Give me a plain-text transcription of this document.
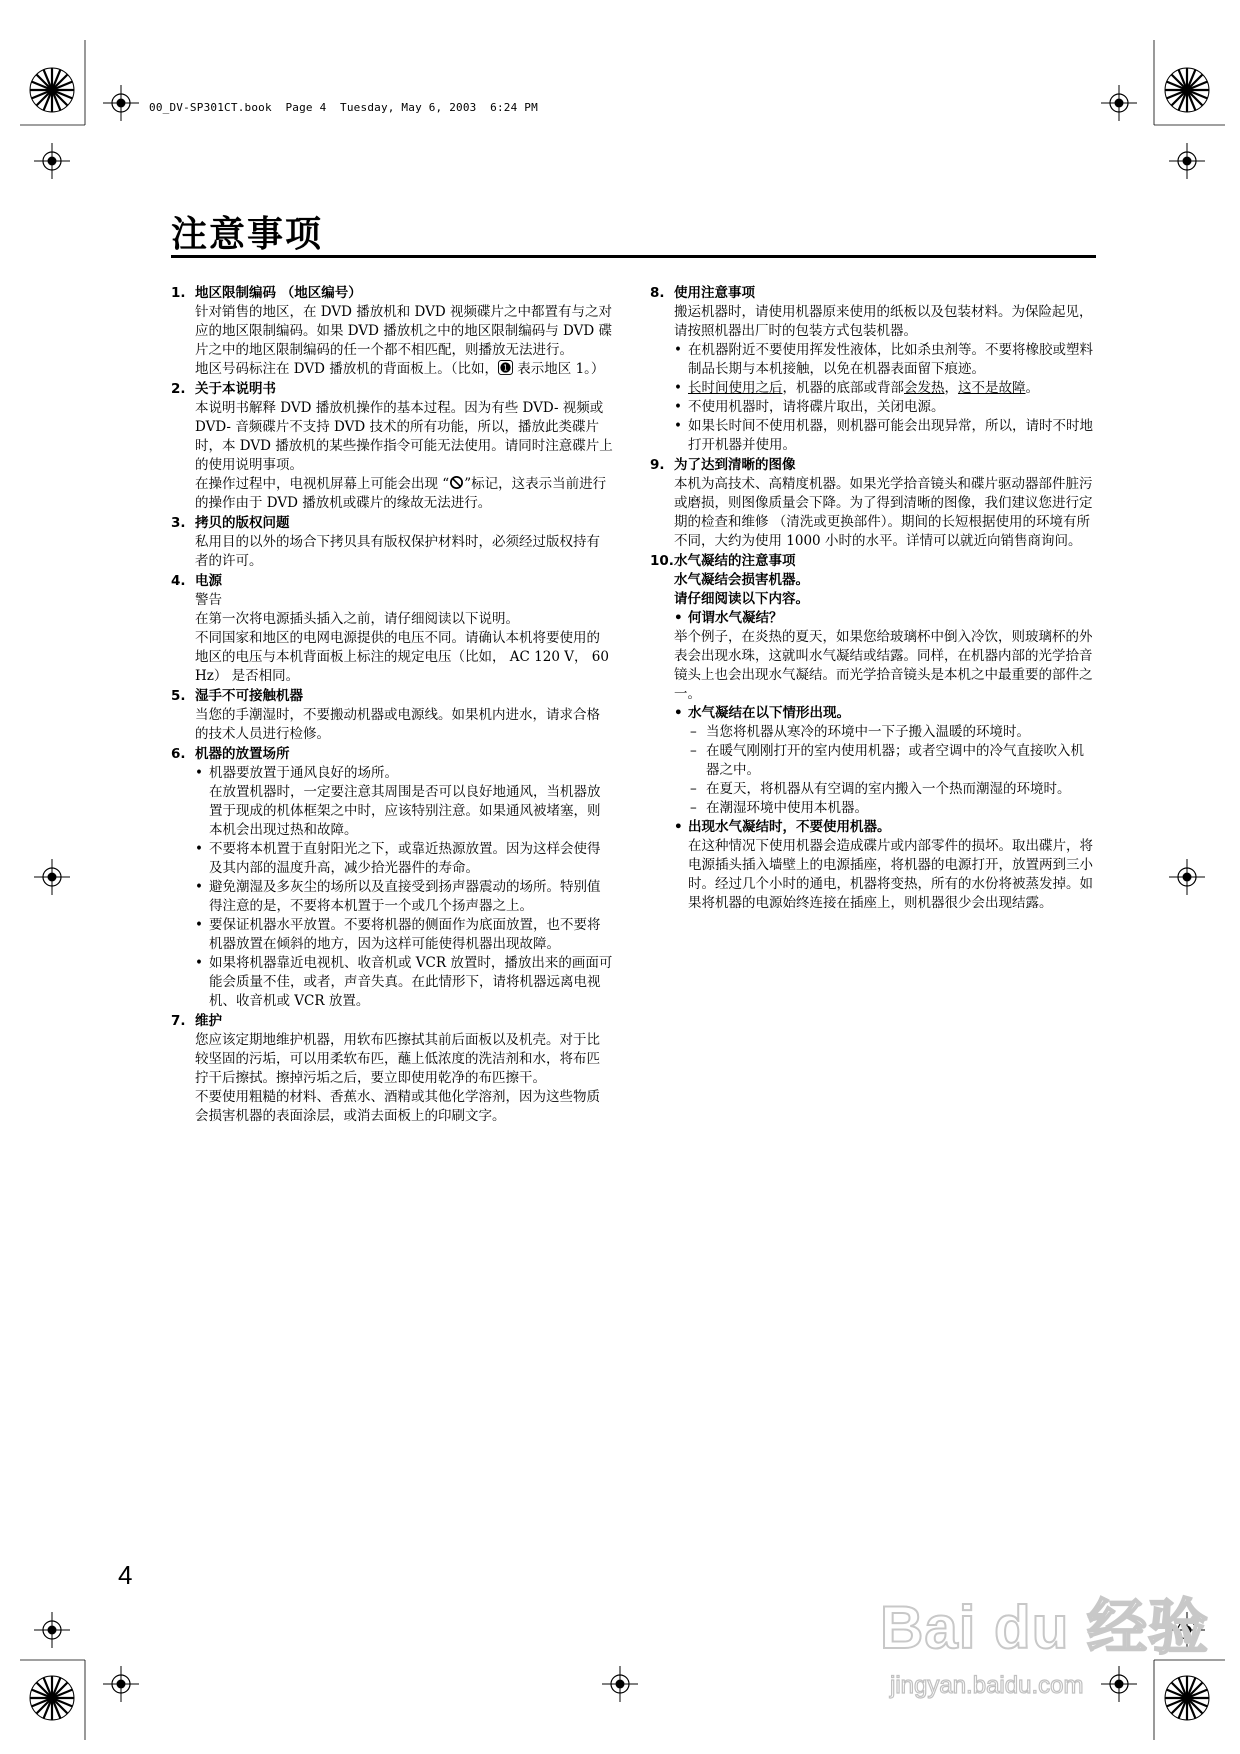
00_DV-SP301CT.book  Page 4  Tuesday, May 6, 2003  6:24 PM
注意事项
1. 地区限制编码 （地区编号）

针对销售的地区，在 DVD 播放机和 DVD 视频碟片之中都置有与之对应的地区限制编码。如果 DVD 播放机之中的地区限制编码与 DVD 碟片之中的地区限制编码的任一个都不相匹配，则播放无法进行。

地区号码标注在 DVD 播放机的背面板上。（比如， 1 表示地区 1。）

2. 关于本说明书

本说明书解释 DVD 播放机操作的基本过程。因为有些 DVD- 视频或 DVD- 音频碟片不支持 DVD 技术的所有功能，所以，播放此类碟片时，本 DVD 播放机的某些操作指令可能无法使用。请同时注意碟片上的使用说明事项。

在操作过程中，电视机屏幕上可能会出现 “ ”标记，这表示当前进行的操作由于 DVD 播放机或碟片的缘故无法进行。

3. 拷贝的版权问题

私用目的以外的场合下拷贝具有版权保护材料时，必须经过版权持有者的许可。

4. 电源

警告

在第一次将电源插头插入之前，请仔细阅读以下说明。

不同国家和地区的电网电源提供的电压不同。请确认本机将要使用的地区的电压与本机背面板上标注的规定电压（比如， AC 120 V， 60 Hz） 是否相同。

5. 湿手不可接触机器

当您的手潮湿时，不要搬动机器或电源线。如果机内进水，请求合格的技术人员进行检修。

6. 机器的放置场所
• 机器要放置于通风良好的场所。

在放置机器时，一定要注意其周围是否可以良好地通风，当机器放置于现成的机体框架之中时，应该特别注意。如果通风被堵塞，则本机会出现过热和故障。

• 不要将本机置于直射阳光之下，或靠近热源放置。因为这样会使得及其内部的温度升高，减少拾光器件的寿命。
• 避免潮湿及多灰尘的场所以及直接受到扬声器震动的场所。特别值得注意的是，不要将本机置于一个或几个扬声器之上。
• 要保证机器水平放置。不要将机器的侧面作为底面放置，也不要将机器放置在倾斜的地方，因为这样可能使得机器出现故障。
• 如果将机器靠近电视机、收音机或 VCR 放置时，播放出来的画面可能会质量不佳，或者，声音失真。在此情形下，请将机器远离电视机、收音机或 VCR 放置。
7. 维护

您应该定期地维护机器，用软布匹擦拭其前后面板以及机壳。对于比较坚固的污垢，可以用柔软布匹，蘸上低浓度的洗洁剂和水，将布匹拧干后擦拭。擦掉污垢之后，要立即使用乾净的布匹擦干。

不要使用粗糙的材料、香蕉水、酒精或其他化学溶剂，因为这些物质会损害机器的表面涂层，或消去面板上的印刷文字。

8. 使用注意事项

搬运机器时，请使用机器原来使用的纸板以及包装材料。为保险起见，请按照机器出厂时的包装方式包装机器。

• 在机器附近不要使用挥发性液体，比如杀虫剂等。不要将橡胶或塑料制品长期与本机接触，以免在机器表面留下痕迹。
• 长时间使用之后，机器的底部或背部会发热，这不是故障。
• 不使用机器时，请将碟片取出，关闭电源。
• 如果长时间不使用机器，则机器可能会出现异常，所以，请时不时地打开机器并使用。
9. 为了达到清晰的图像

本机为高技术、高精度机器。如果光学拾音镜头和碟片驱动器部件脏污或磨损，则图像质量会下降。为了得到清晰的图像，我们建议您进行定期的检查和维修 （清洗或更换部件）。期间的长短根据使用的环境有所不同，大约为使用 1000 小时的水平。详情可以就近向销售商询问。

10. 水气凝结的注意事项

水气凝结会损害机器。

请仔细阅读以下内容。

• 何谓水气凝结？

举个例子，在炎热的夏天，如果您给玻璃杯中倒入冷饮，则玻璃杯的外表会出现水珠，这就叫水气凝结或结露。同样，在机器内部的光学拾音镜头上也会出现水气凝结。而光学拾音镜头是本机之中最重要的部件之一。

• 水气凝结在以下情形出现。
– 当您将机器从寒冷的环境中一下子搬入温暖的环境时。
– 在暖气刚刚打开的室内使用机器；或者空调中的冷气直接吹入机器之中。
– 在夏天，将机器从有空调的室内搬入一个热而潮湿的环境时。
– 在潮湿环境中使用本机器。
• 出现水气凝结时，不要使用机器。

在这种情况下使用机器会造成碟片或内部零件的损坏。取出碟片，将电源插头插入墙壁上的电源插座，将机器的电源打开，放置两到三小时。经过几个小时的通电，机器将变热，所有的水份将被蒸发掉。如果将机器的电源始终连接在插座上，则机器很少会出现结露。

4
Bai du 经验
jingyan.baidu.com
